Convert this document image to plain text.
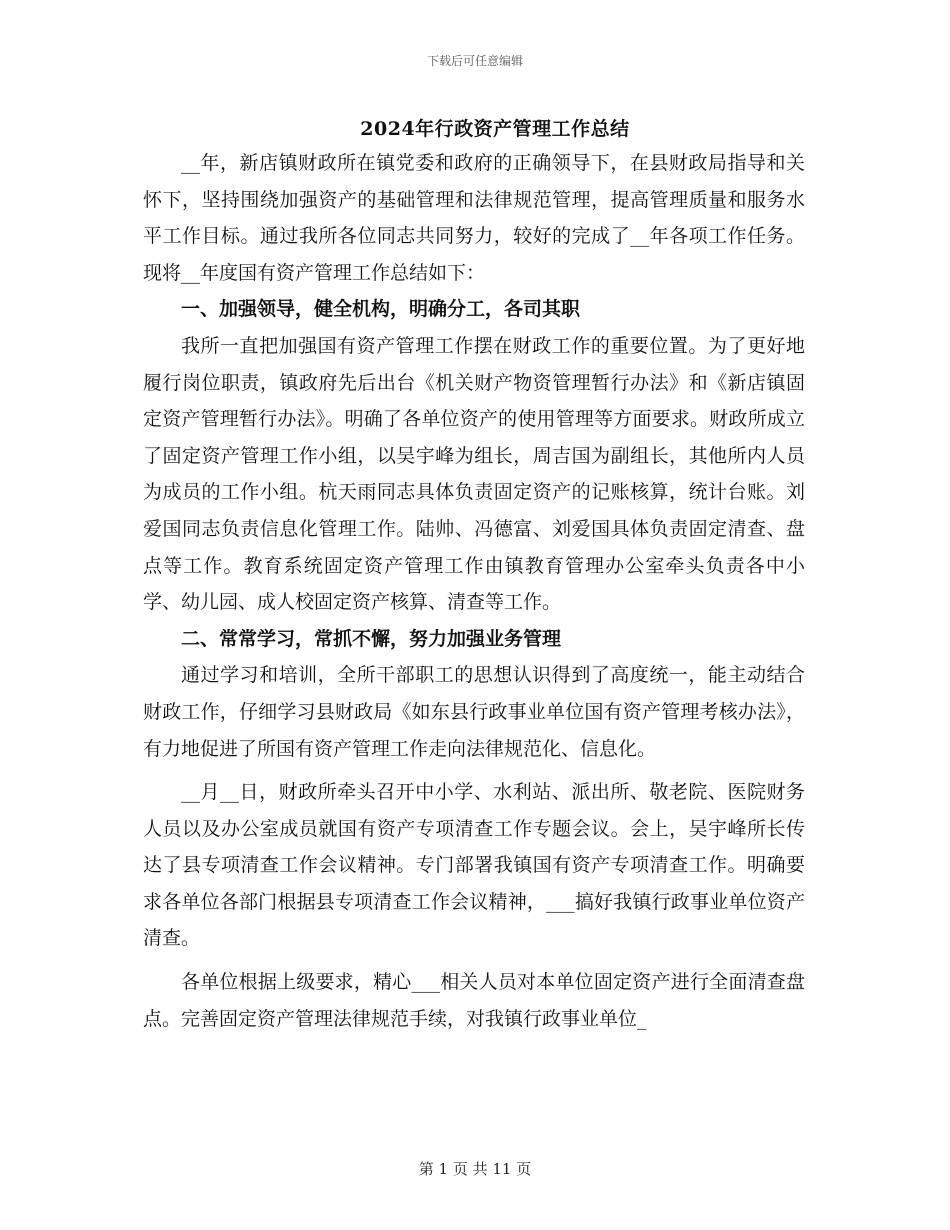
下载后可任意编辑
2024年行政资产管理工作总结

__年，新店镇财政所在镇党委和政府的正确领导下，在县财政局指导和关怀下，坚持围绕加强资产的基础管理和法律规范管理，提高管理质量和服务水平工作目标。通过我所各位同志共同努力，较好的完成了__年各项工作任务。现将__年度国有资产管理工作总结如下：

一、加强领导，健全机构，明确分工，各司其职

我所一直把加强国有资产管理工作摆在财政工作的重要位置。为了更好地履行岗位职责，镇政府先后出台《机关财产物资管理暂行办法》和《新店镇固定资产管理暂行办法》。明确了各单位资产的使用管理等方面要求。财政所成立了固定资产管理工作小组，以吴宇峰为组长，周吉国为副组长，其他所内人员为成员的工作小组。杭天雨同志具体负责固定资产的记账核算，统计台账。刘爱国同志负责信息化管理工作。陆帅、冯德富、刘爱国具体负责固定清查、盘点等工作。教育系统固定资产管理工作由镇教育管理办公室牵头负责各中小学、幼儿园、成人校固定资产核算、清查等工作。

二、常常学习，常抓不懈，努力加强业务管理

通过学习和培训，全所干部职工的思想认识得到了高度统一，能主动结合财政工作，仔细学习县财政局《如东县行政事业单位国有资产管理考核办法》，有力地促进了所国有资产管理工作走向法律规范化、信息化。

__月__日，财政所牵头召开中小学、水利站、派出所、敬老院、医院财务人员以及办公室成员就国有资产专项清查工作专题会议。会上，吴宇峰所长传达了县专项清查工作会议精神。专门部署我镇国有资产专项清查工作。明确要求各单位各部门根据县专项清查工作会议精神，___搞好我镇行政事业单位资产清查。

各单位根据上级要求，精心___相关人员对本单位固定资产进行全面清查盘点。完善固定资产管理法律规范手续，对我镇行政事业单位_

第 1 页 共 11 页
